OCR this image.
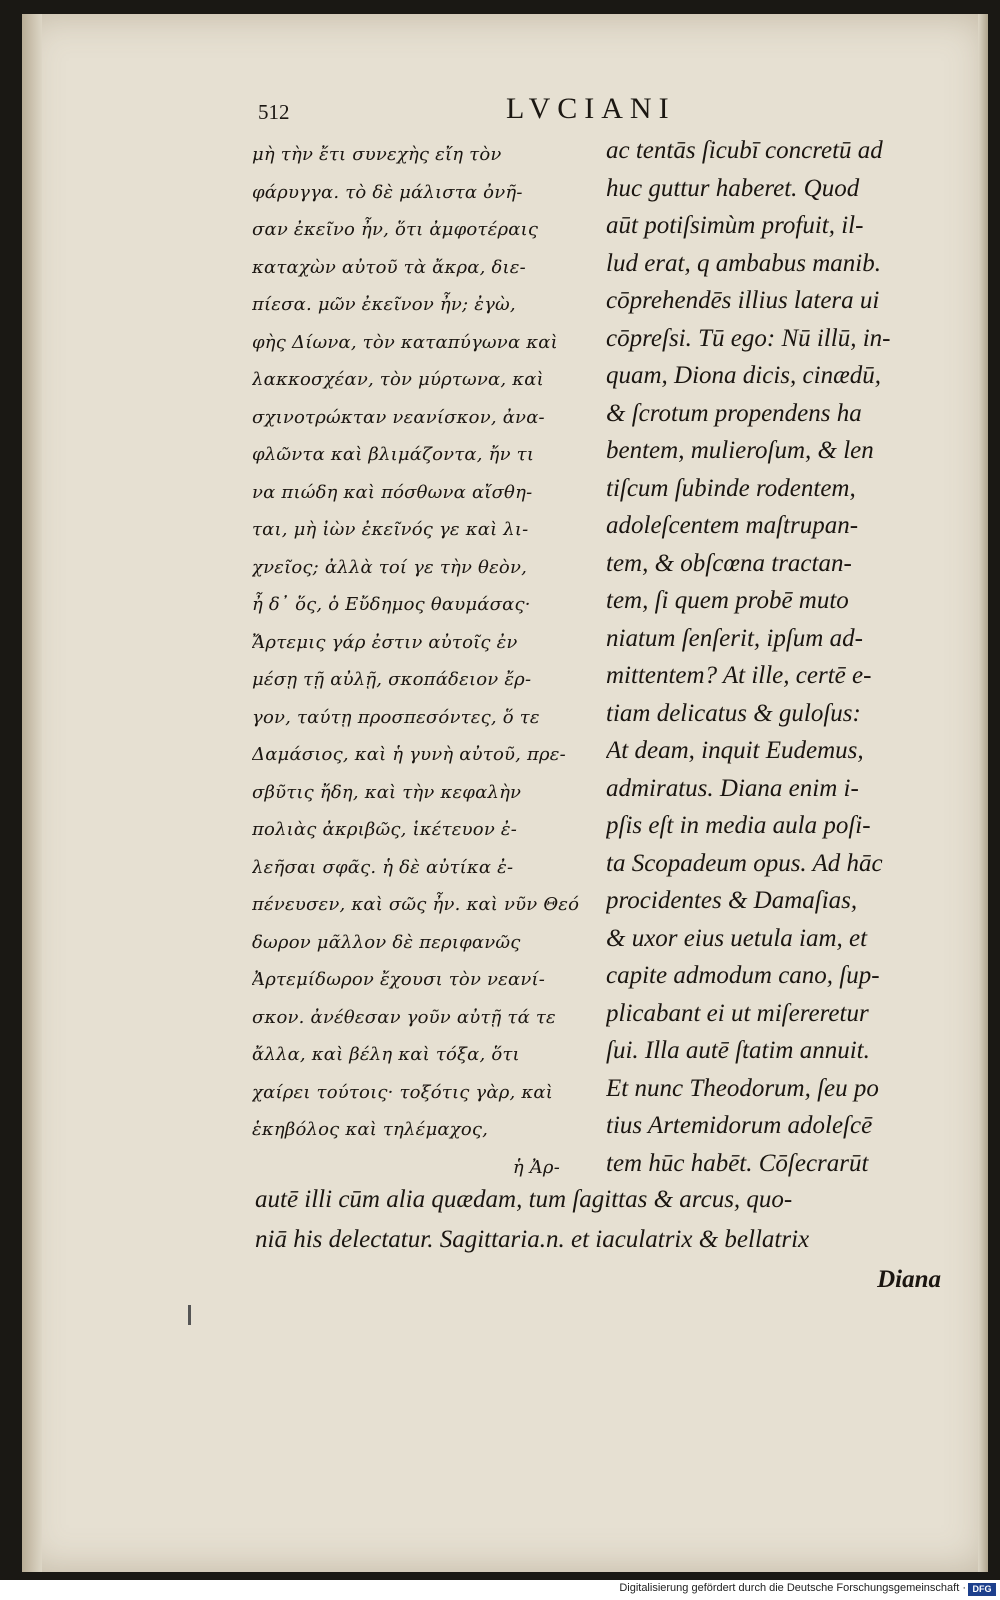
512	LVCIANI
μὴ τὴν ἔτι συνεχὴς εἴη τὸν
φάρυγγα. τὸ δὲ μάλιστα ὀνῆ-
σαν ἐκεῖνο ἦν, ὅτι ἀμφοτέραις
καταχὼν αὐτοῦ τὰ ἄκρα, διε-
πίεσα. μῶν ἐκεῖνον ἦν; ἐγὼ,
φὴς Δίωνα, τὸν καταπύγωνα καὶ
λακκοσχέαν, τὸν μύρτωνα, καὶ
σχινοτρώκταν νεανίσκον, ἀνα-
φλῶντα καὶ βλιμάζοντα, ἤν τι
να πιώδη καὶ πόσθωνα αἴσθη-
ται, μὴ ἰὼν ἐκεῖνός γε καὶ λι-
χνεῖος; ἀλλὰ τοί γε τὴν θεὸν,
ἦ δ᾽ ὅς, ὁ Εὔδημος θαυμάσας·
Ἄρτεμις γάρ ἐστιν αὐτοῖς ἐν
μέσῃ τῇ αὐλῇ, σκοπάδειον ἔρ-
γον, ταύτῃ προσπεσόντες, ὅ τε
Δαμάσιος, καὶ ἡ γυνὴ αὐτοῦ, πρε-
σβῦτις ἤδη, καὶ τὴν κεφαλὴν
πολιὰς ἀκριβῶς, ἱκέτευον ἐ-
λεῆσαι σφᾶς. ἡ δὲ αὐτίκα ἐ-
πένευσεν, καὶ σῶς ἦν. καὶ νῦν Θεό
δωρον μᾶλλον δὲ περιφανῶς
Ἀρτεμίδωρον ἔχουσι τὸν νεανί-
σκον. ἀνέθεσαν γοῦν αὐτῇ τά τε
ἄλλα, καὶ βέλη καὶ τόξα, ὅτι
χαίρει τούτοις· τοξότις γὰρ, καὶ
ἑκηβόλος καὶ τηλέμαχος,
ἡ Ἀρ-
ac tentās ſicubī concretū ad
huc guttur haberet. Quod
aūt potiſsimùm profuit, il-
lud erat, q ambabus manib.
cōprehendēs illius latera ui
cōpreſsi. Tū ego: Nū illū, in-
quam, Diona dicis, cinædū,
& ſcrotum propendens ha
bentem, mulieroſum, & len
tiſcum ſubinde rodentem,
adoleſcentem maſtrupan-
tem, & obſcœna tractan-
tem, ſi quem probē muto
niatum ſenſerit, ipſum ad-
mittentem? At ille, certē e-
tiam delicatus & guloſus:
At deam, inquit Eudemus,
admiratus. Diana enim i-
pſis eſt in media aula poſi-
ta Scopadeum opus. Ad hāc
procidentes & Damaſias,
& uxor eius uetula iam, et
capite admodum cano, ſup-
plicabant ei ut miſereretur
ſui. Illa autē ſtatim annuit.
Et nunc Theodorum, ſeu po
tius Artemidorum adoleſcē
tem hūc habēt. Cōſecrarūt
autē illi cūm alia quædam, tum ſagittas & arcus, quo-
niā his delectatur. Sagittaria.n. et iaculatrix & bellatrix
Diana
Digitalisierung gefördert durch die Deutsche Forschungsgemeinschaft · DFG
